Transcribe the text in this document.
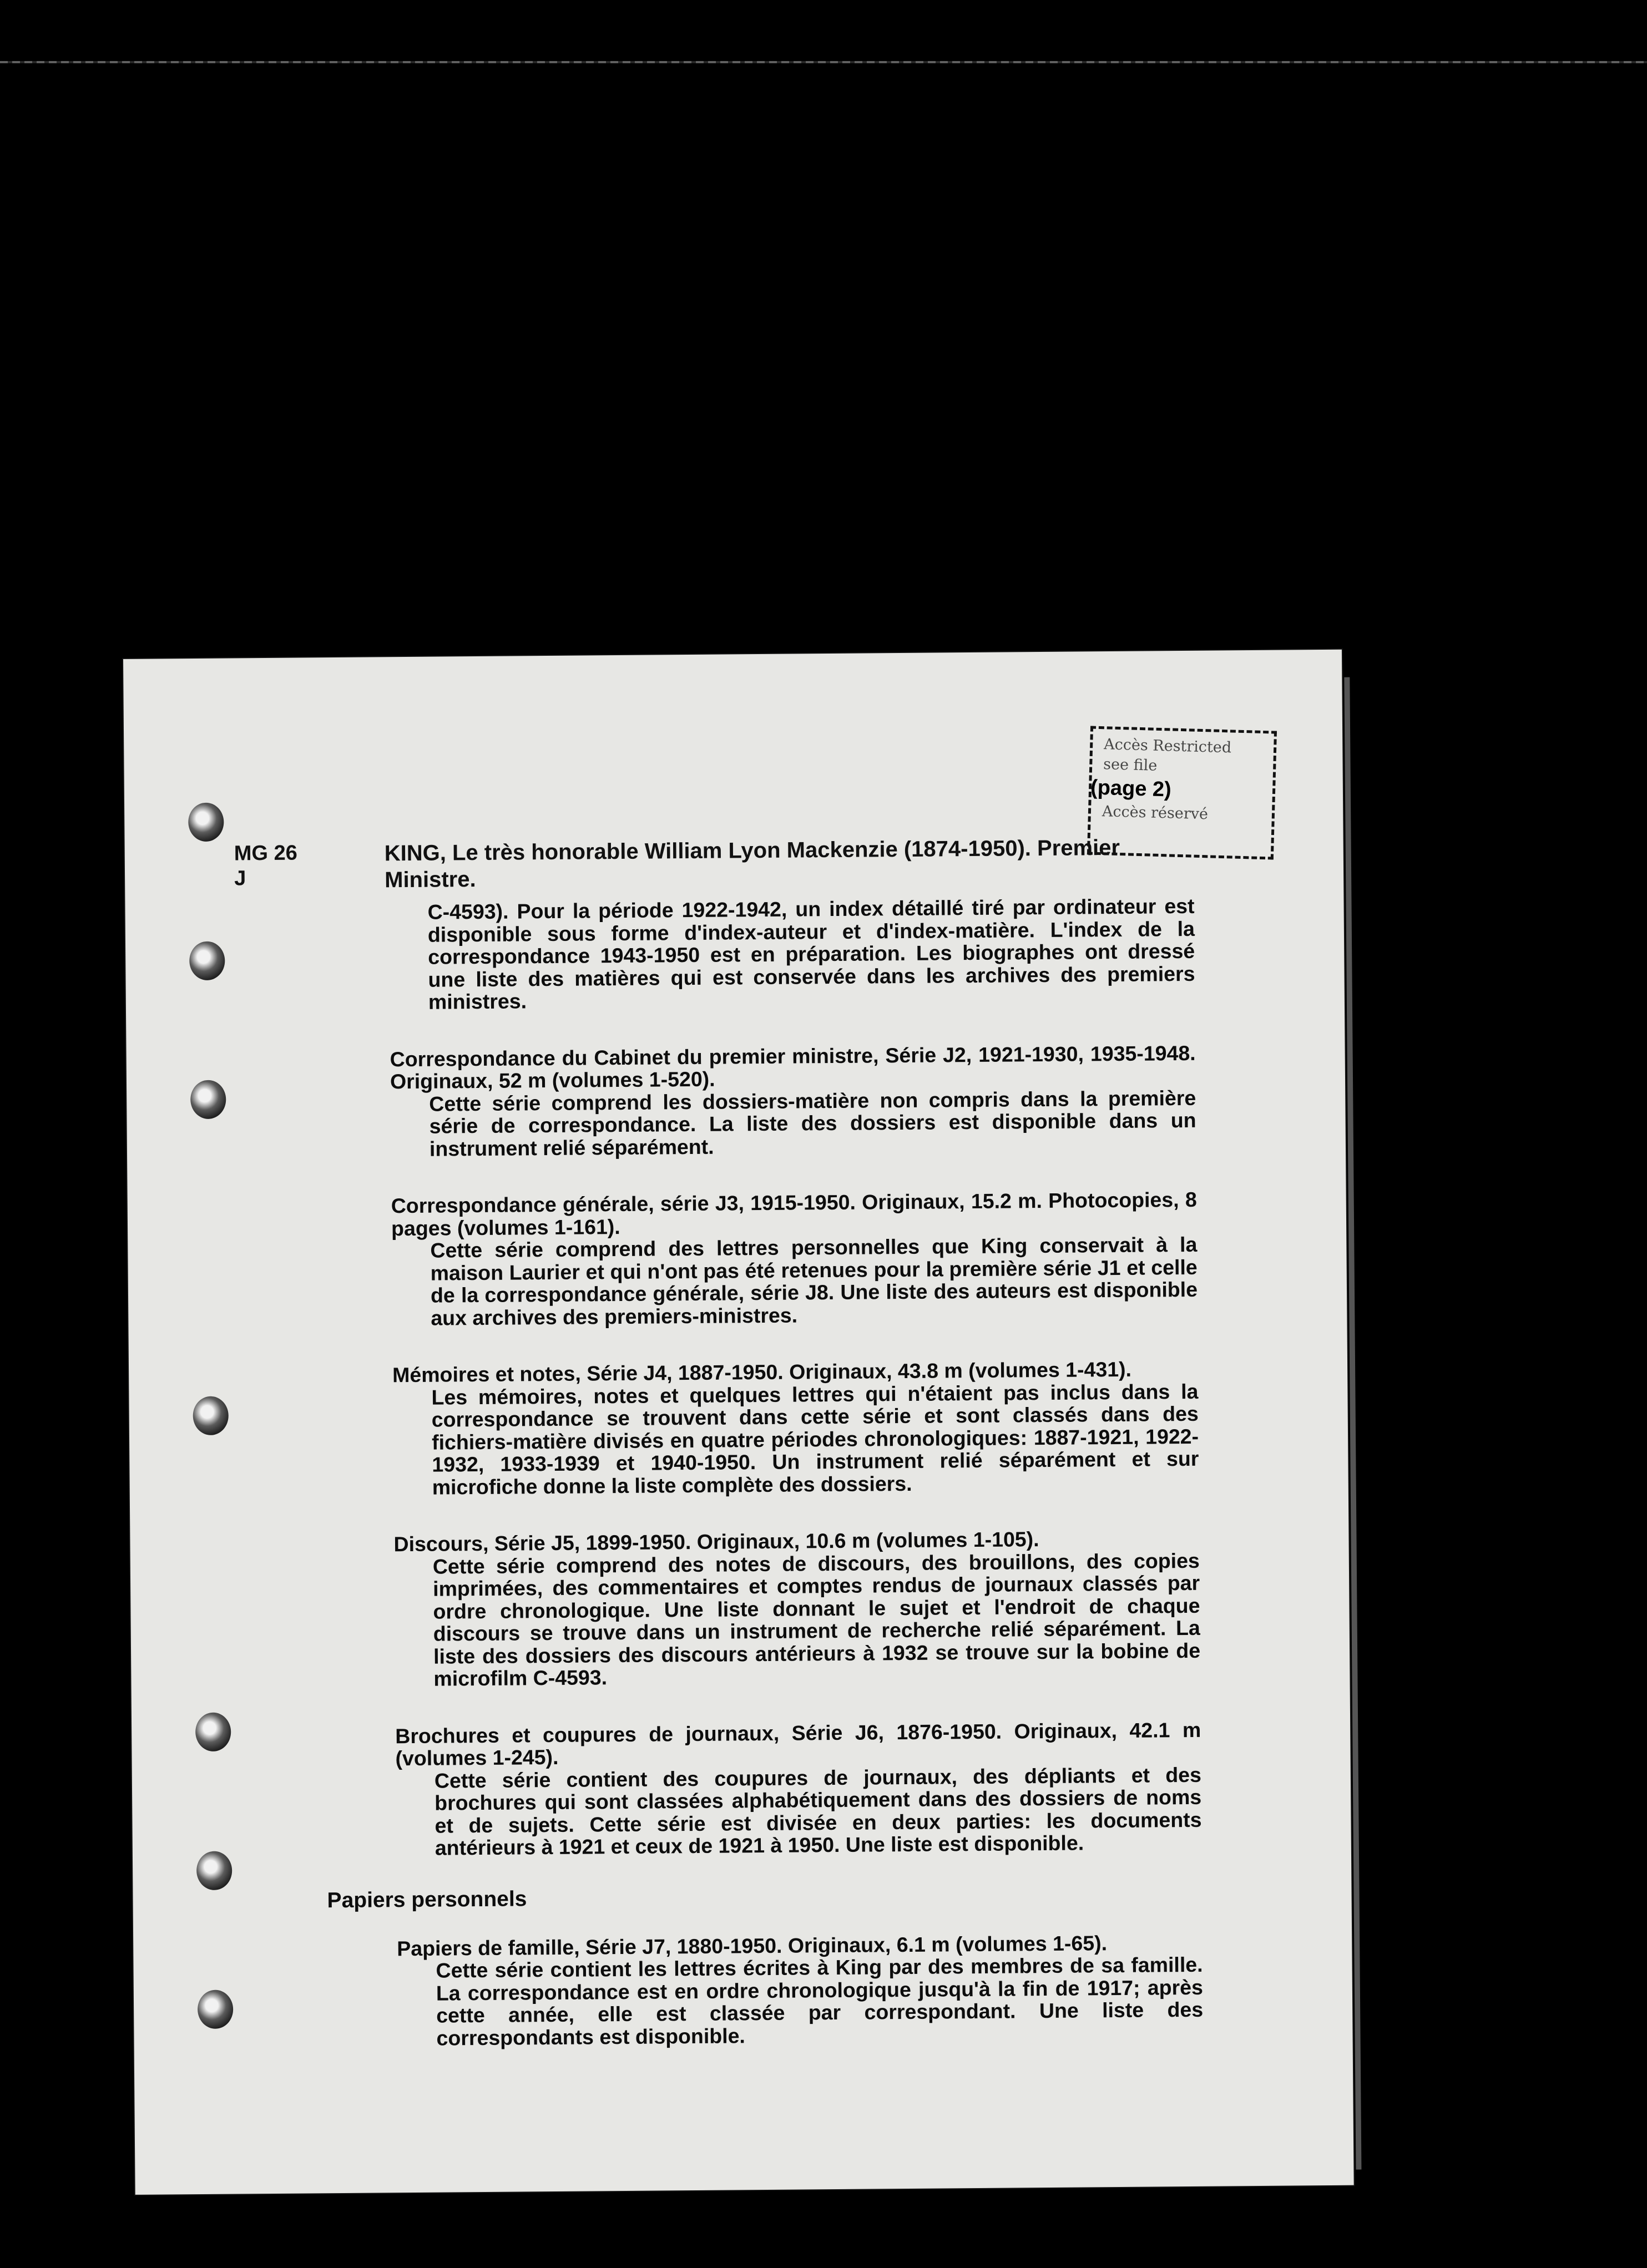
Accès Restricted
see file
(page 2)
Accès réservé
MG 26
J
KING, Le très honorable William Lyon Mackenzie (1874-1950). Premier Ministre.

C-4593). Pour la période 1922-1942, un index détaillé tiré par ordinateur est disponible sous forme d'index-auteur et d'index-matière. L'index de la correspondance 1943-1950 est en préparation. Les biographes ont dressé une liste des matières qui est conservée dans les archives des premiers ministres.

Correspondance du Cabinet du premier ministre, Série J2, 1921-1930, 1935-1948. Originaux, 52 m (volumes 1-520).

Cette série comprend les dossiers-matière non compris dans la première série de correspondance. La liste des dossiers est disponible dans un instrument relié séparément.

Correspondance générale, série J3, 1915-1950. Originaux, 15.2 m. Photocopies, 8 pages (volumes 1-161).

Cette série comprend des lettres personnelles que King conservait à la maison Laurier et qui n'ont pas été retenues pour la première série J1 et celle de la correspondance générale, série J8. Une liste des auteurs est disponible aux archives des premiers-ministres.

Mémoires et notes, Série J4, 1887-1950. Originaux, 43.8 m (volumes 1-431).

Les mémoires, notes et quelques lettres qui n'étaient pas inclus dans la correspondance se trouvent dans cette série et sont classés dans des fichiers-matière divisés en quatre périodes chronologiques: 1887-1921, 1922-1932, 1933-1939 et 1940-1950. Un instrument relié séparément et sur microfiche donne la liste complète des dossiers.

Discours, Série J5, 1899-1950. Originaux, 10.6 m (volumes 1-105).

Cette série comprend des notes de discours, des brouillons, des copies imprimées, des commentaires et comptes rendus de journaux classés par ordre chronologique. Une liste donnant le sujet et l'endroit de chaque discours se trouve dans un instrument de recherche relié séparément. La liste des dossiers des discours antérieurs à 1932 se trouve sur la bobine de microfilm C-4593.

Brochures et coupures de journaux, Série J6, 1876-1950. Originaux, 42.1 m (volumes 1-245).

Cette série contient des coupures de journaux, des dépliants et des brochures qui sont classées alphabétiquement dans des dossiers de noms et de sujets. Cette série est divisée en deux parties: les documents antérieurs à 1921 et ceux de 1921 à 1950. Une liste est disponible.

Papiers personnels

Papiers de famille, Série J7, 1880-1950. Originaux, 6.1 m (volumes 1-65).

Cette série contient les lettres écrites à King par des membres de sa famille. La correspondance est en ordre chronologique jusqu'à la fin de 1917; après cette année, elle est classée par correspondant. Une liste des correspondants est disponible.
